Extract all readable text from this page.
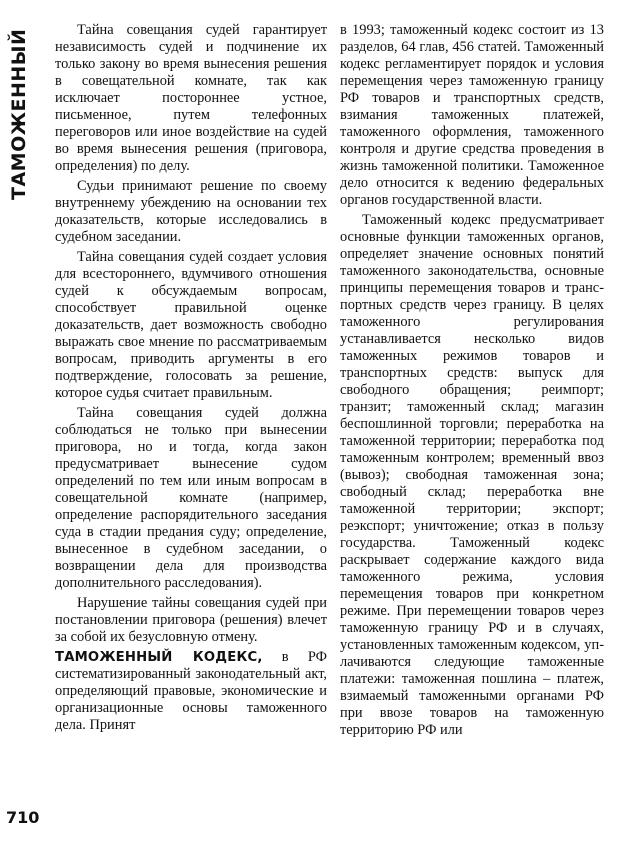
ТАМОЖЕННЫЙ	Тайна совещания судей гарантирует независимость судей и подчинение их только закону во время вынесения решения в совещательной комнате, так как исключает постороннее устное, письменное, путем телефонных переговоров или иное воздействие на судей во время вынесения решения (приговора, определения) по делу.

Судьи принимают решение по своему внутреннему убеждению на основании тех доказательств, которые исследовались в судебном заседании.

Тайна совещания судей создает условия для всестороннего, вдумчивого отношения судей к обсуждаемым вопросам, способствует правильной оценке доказательств, дает возможность свободно выражать свое мнение по рассматриваемым вопросам, приводить аргументы в его подтверждение, голосовать за решение, которое судья считает правильным.

Тайна совещания судей должна соблюдаться не только при вынесении приговора, но и тогда, когда закон предусматривает вынесение судом определений по тем или иным вопросам в совещательной комнате (например, определение распорядительного заседания суда в стадии предания суду; определение, вынесенное в судебном заседании, о возвращении дела для производства дополнительного расследования).

Нарушение тайны совещания судей при постановлении приговора (решения) влечет за собой их безусловную отмену.

ТАМОЖЕННЫЙ КОДЕКС, в РФ систематизированный законодательный акт, определяющий правовые, экономические и организационные основы таможенного дела. Принят

в 1993; таможенный кодекс состоит из 13 разделов, 64 глав, 456 статей. Таможенный кодекс регламентирует порядок и условия перемещения через таможенную границу РФ товаров и транспортных средств, взимания таможенных платежей, таможенного оформления, таможенного контроля и другие средства проведения в жизнь таможенной политики. Таможенное дело относится к ведению федеральных органов государственной власти.

Таможенный кодекс предусматривает основные функции таможенных органов, определяет значение основных понятий таможенного законодательства, основные принципы перемещения товаров и транспортных средств через границу. В целях таможенного регулирования устанавливается несколько видов таможенных режимов товаров и транспортных средств: выпуск для свободного обращения; реимпорт; транзит; таможенный склад; магазин беспошлинной торговли; переработка на таможенной территории; переработка под таможенным контролем; временный ввоз (вывоз); свободная таможенная зона; свободный склад; переработка вне таможенной территории; экспорт; реэкспорт; уничтожение; отказ в пользу государства. Таможенный кодекс раскрывает содержание каждого вида таможенного режима, условия перемещения товаров при конкретном режиме. При перемещении товаров через таможенную границу РФ и в случаях, установленных таможенным кодексом, уплачиваются следующие таможенные платежи: таможенная пошлина – платеж, взимаемый таможенными органами РФ при ввозе товаров на таможенную территорию РФ или

710
